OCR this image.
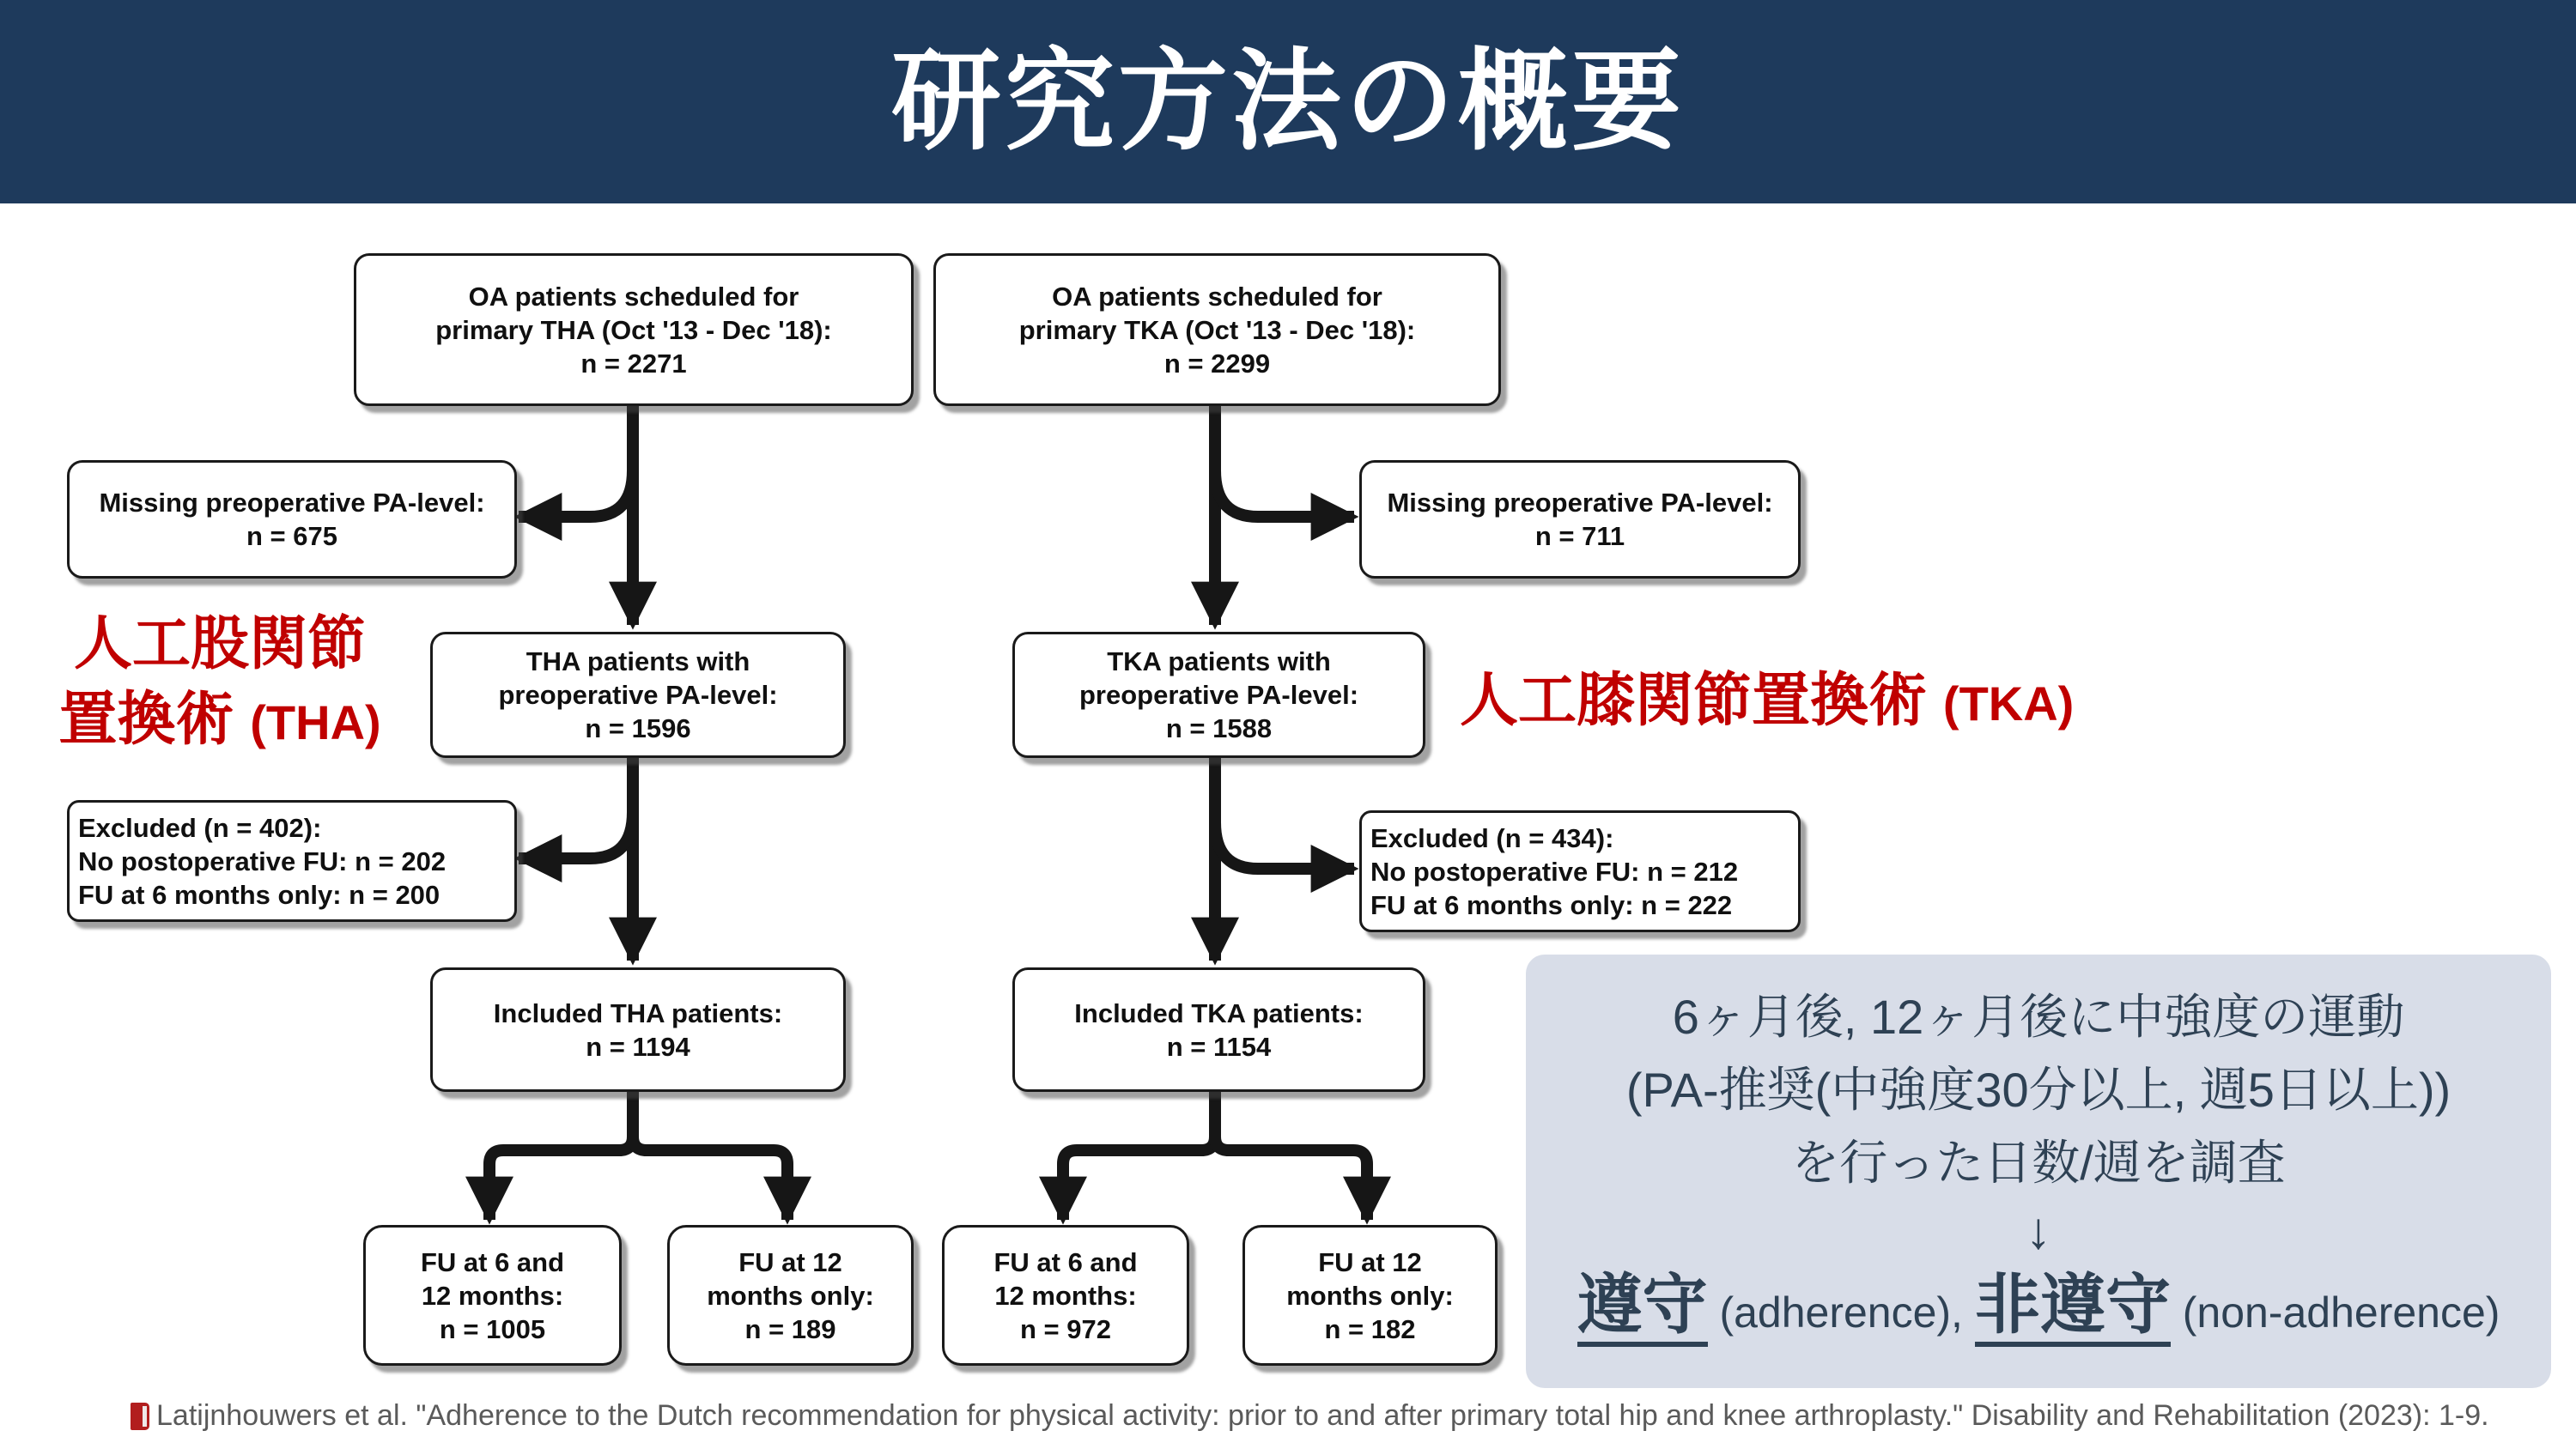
研究方法の概要
OA patients scheduled for
primary THA (Oct '13 - Dec '18):
n = 2271
Missing preoperative PA-level:
n = 675
THA patients with
preoperative PA-level:
n = 1596
Excluded (n = 402):
No postoperative FU: n = 202
FU at 6 months only: n = 200
Included THA patients:
n = 1194
FU at 6 and
12 months:
n = 1005
FU at 12
months only:
n = 189
OA patients scheduled for
primary TKA (Oct '13 - Dec '18):
n = 2299
Missing preoperative PA-level:
n = 711
TKA patients with
preoperative PA-level:
n = 1588
Excluded (n = 434):
No postoperative FU: n = 212
FU at 6 months only: n = 222
Included TKA patients:
n = 1154
FU at 6 and
12 months:
n = 972
FU at 12
months only:
n = 182
人工股関節
置換術 (THA)	人工膝関節置換術 (TKA)
6ヶ月後, 12ヶ月後に中強度の運動
(PA-推奨(中強度30分以上, 週5日以上))
を行った日数/週を調査
↓
遵守 (adherence), 非遵守 (non-adherence)
Latijnhouwers et al. "Adherence to the Dutch recommendation for physical activity: prior to and after primary total hip and knee arthroplasty." Disability and Rehabilitation (2023): 1-9.
